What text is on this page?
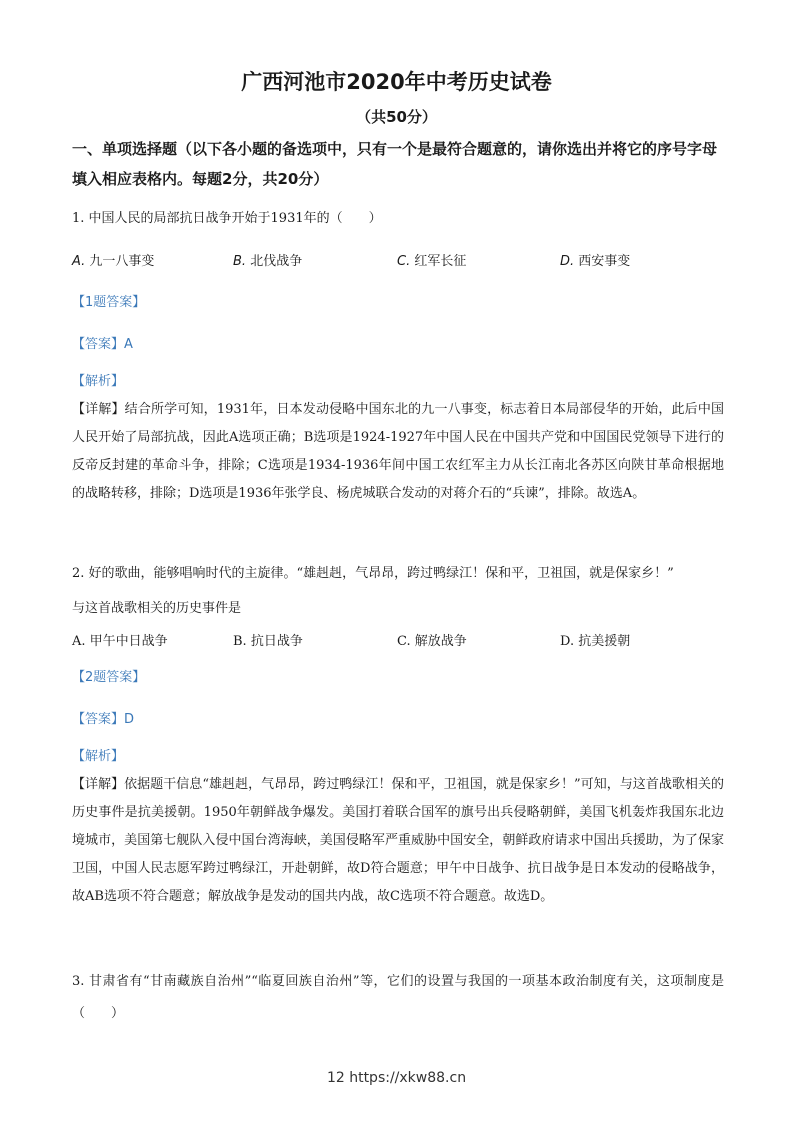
广西河池市2020年中考历史试卷
（共50分）
一、单项选择题（以下各小题的备选项中，只有一个是最符合题意的，请你选出并将它的序号字母填入相应表格内。每题2分，共20分）
1. 中国人民的局部抗日战争开始于1931年的（　　）
A. 九一八事变	B. 北伐战争	C. 红军长征	D. 西安事变
【1题答案】
【答案】A
【解析】
【详解】结合所学可知，1931年，日本发动侵略中国东北的九一八事变，标志着日本局部侵华的开始，此后中国人民开始了局部抗战，因此A选项正确；B选项是1924-1927年中国人民在中国共产党和中国国民党领导下进行的反帝反封建的革命斗争，排除；C选项是1934-1936年间中国工农红军主力从长江南北各苏区向陕甘革命根据地的战略转移，排除；D选项是1936年张学良、杨虎城联合发动的对蒋介石的“兵谏”，排除。故选A。
2. 好的歌曲，能够唱响时代的主旋律。“雄赳赳，气昂昂，跨过鸭绿江！保和平，卫祖国，就是保家乡！”
与这首战歌相关的历史事件是
A. 甲午中日战争	B. 抗日战争	C. 解放战争	D. 抗美援朝
【2题答案】
【答案】D
【解析】
【详解】依据题干信息“雄赳赳，气昂昂，跨过鸭绿江！保和平，卫祖国，就是保家乡！”可知，与这首战歌相关的历史事件是抗美援朝。1950年朝鲜战争爆发。美国打着联合国军的旗号出兵侵略朝鲜，美国飞机轰炸我国东北边境城市，美国第七舰队入侵中国台湾海峡，美国侵略军严重威胁中国安全，朝鲜政府请求中国出兵援助，为了保家卫国，中国人民志愿军跨过鸭绿江，开赴朝鲜，故D符合题意；甲午中日战争、抗日战争是日本发动的侵略战争，故AB选项不符合题意；解放战争是发动的国共内战，故C选项不符合题意。故选D。
3. 甘肃省有“甘南藏族自治州”“临夏回族自治州”等，它们的设置与我国的一项基本政治制度有关，这项制度是（　　）
12 https://xkw88.cn
